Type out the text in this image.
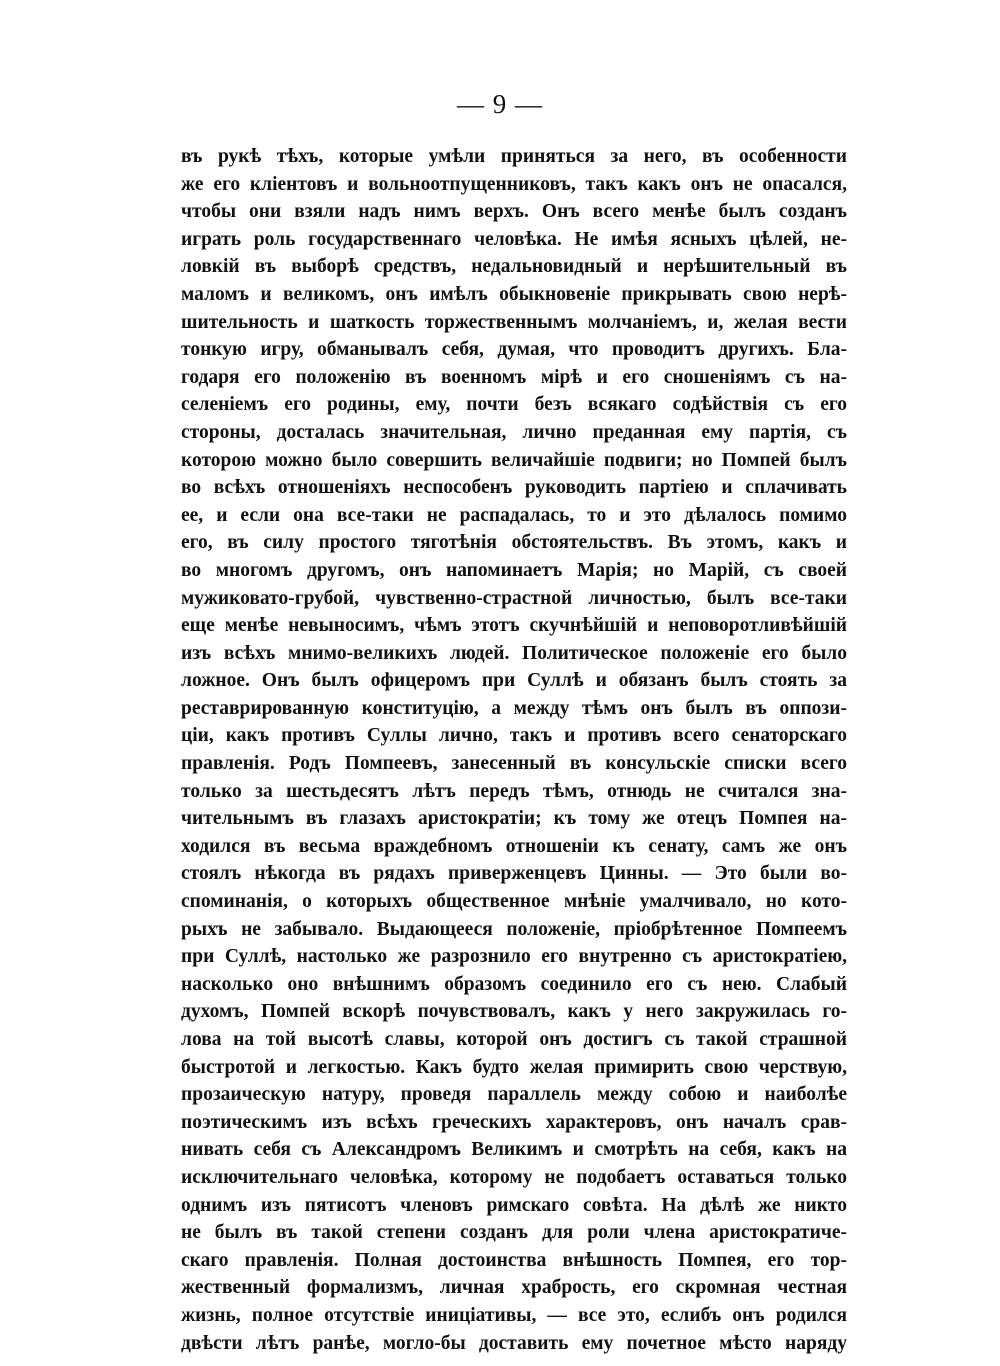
— 9 —
въ рукѣ тѣхъ, которые умѣли приняться за него, въ особенности
же его кліентовъ и вольноотпущенниковъ, такъ какъ онъ не опасался,
чтобы они взяли надъ нимъ верхъ. Онъ всего менѣе былъ созданъ
играть роль государственнаго человѣка. Не имѣя ясныхъ цѣлей, не-
ловкій въ выборѣ средствъ, недальновидный и нерѣшительный въ
маломъ и великомъ, онъ имѣлъ обыкновеніе прикрывать свою нерѣ-
шительность и шаткость торжественнымъ молчаніемъ, и, желая вести
тонкую игру, обманывалъ себя, думая, что проводитъ другихъ. Бла-
годаря его положенію въ военномъ мірѣ и его сношеніямъ съ на-
селеніемъ его родины, ему, почти безъ всякаго содѣйствія съ его
стороны, досталась значительная, лично преданная ему партія, съ
которою можно было совершить величайшіе подвиги; но Помпей былъ
во всѣхъ отношеніяхъ неспособенъ руководить партіею и сплачивать
ее, и если она все-таки не распадалась, то и это дѣлалось помимо
его, въ силу простого тяготѣнія обстоятельствъ. Въ этомъ, какъ и
во многомъ другомъ, онъ напоминаетъ Марія; но Марій, съ своей
мужиковато-грубой, чувственно-страстной личностью, былъ все-таки
еще менѣе невыносимъ, чѣмъ этотъ скучнѣйшій и неповоротливѣйшій
изъ всѣхъ мнимо-великихъ людей. Политическое положеніе его было
ложное. Онъ былъ офицеромъ при Суллѣ и обязанъ былъ стоять за
реставрированную конституцію, а между тѣмъ онъ былъ въ оппози-
ціи, какъ противъ Суллы лично, такъ и противъ всего сенаторскаго
правленія. Родъ Помпеевъ, занесенный въ консульскіе списки всего
только за шестьдесятъ лѣтъ передъ тѣмъ, отнюдь не считался зна-
чительнымъ въ глазахъ аристократіи; къ тому же отецъ Помпея на-
ходился въ весьма враждебномъ отношеніи къ сенату, самъ же онъ
стоялъ нѣкогда въ рядахъ приверженцевъ Цинны. — Это были во-
споминанія, о которыхъ общественное мнѣніе умалчивало, но кото-
рыхъ не забывало. Выдающееся положеніе, пріобрѣтенное Помпеемъ
при Суллѣ, настолько же разрознило его внутренно съ аристократіею,
насколько оно внѣшнимъ образомъ соединило его съ нею. Слабый
духомъ, Помпей вскорѣ почувствовалъ, какъ у него закружилась го-
лова на той высотѣ славы, которой онъ достигъ съ такой страшной
быстротой и легкостью. Какъ будто желая примирить свою черствую,
прозаическую натуру, проведя параллель между собою и наиболѣе
поэтическимъ изъ всѣхъ греческихъ характеровъ, онъ началъ срав-
нивать себя съ Александромъ Великимъ и смотрѣть на себя, какъ на
исключительнаго человѣка, которому не подобаетъ оставаться только
однимъ изъ пятисотъ членовъ римскаго совѣта. На дѣлѣ же никто
не былъ въ такой степени созданъ для роли члена аристократиче-
скаго правленія. Полная достоинства внѣшность Помпея, его тор-
жественный формализмъ, личная храбрость, его скромная честная
жизнь, полное отсутствіе иниціативы, — все это, еслибъ онъ родился
двѣсти лѣтъ ранѣе, могло-бы доставить ему почетное мѣсто наряду
